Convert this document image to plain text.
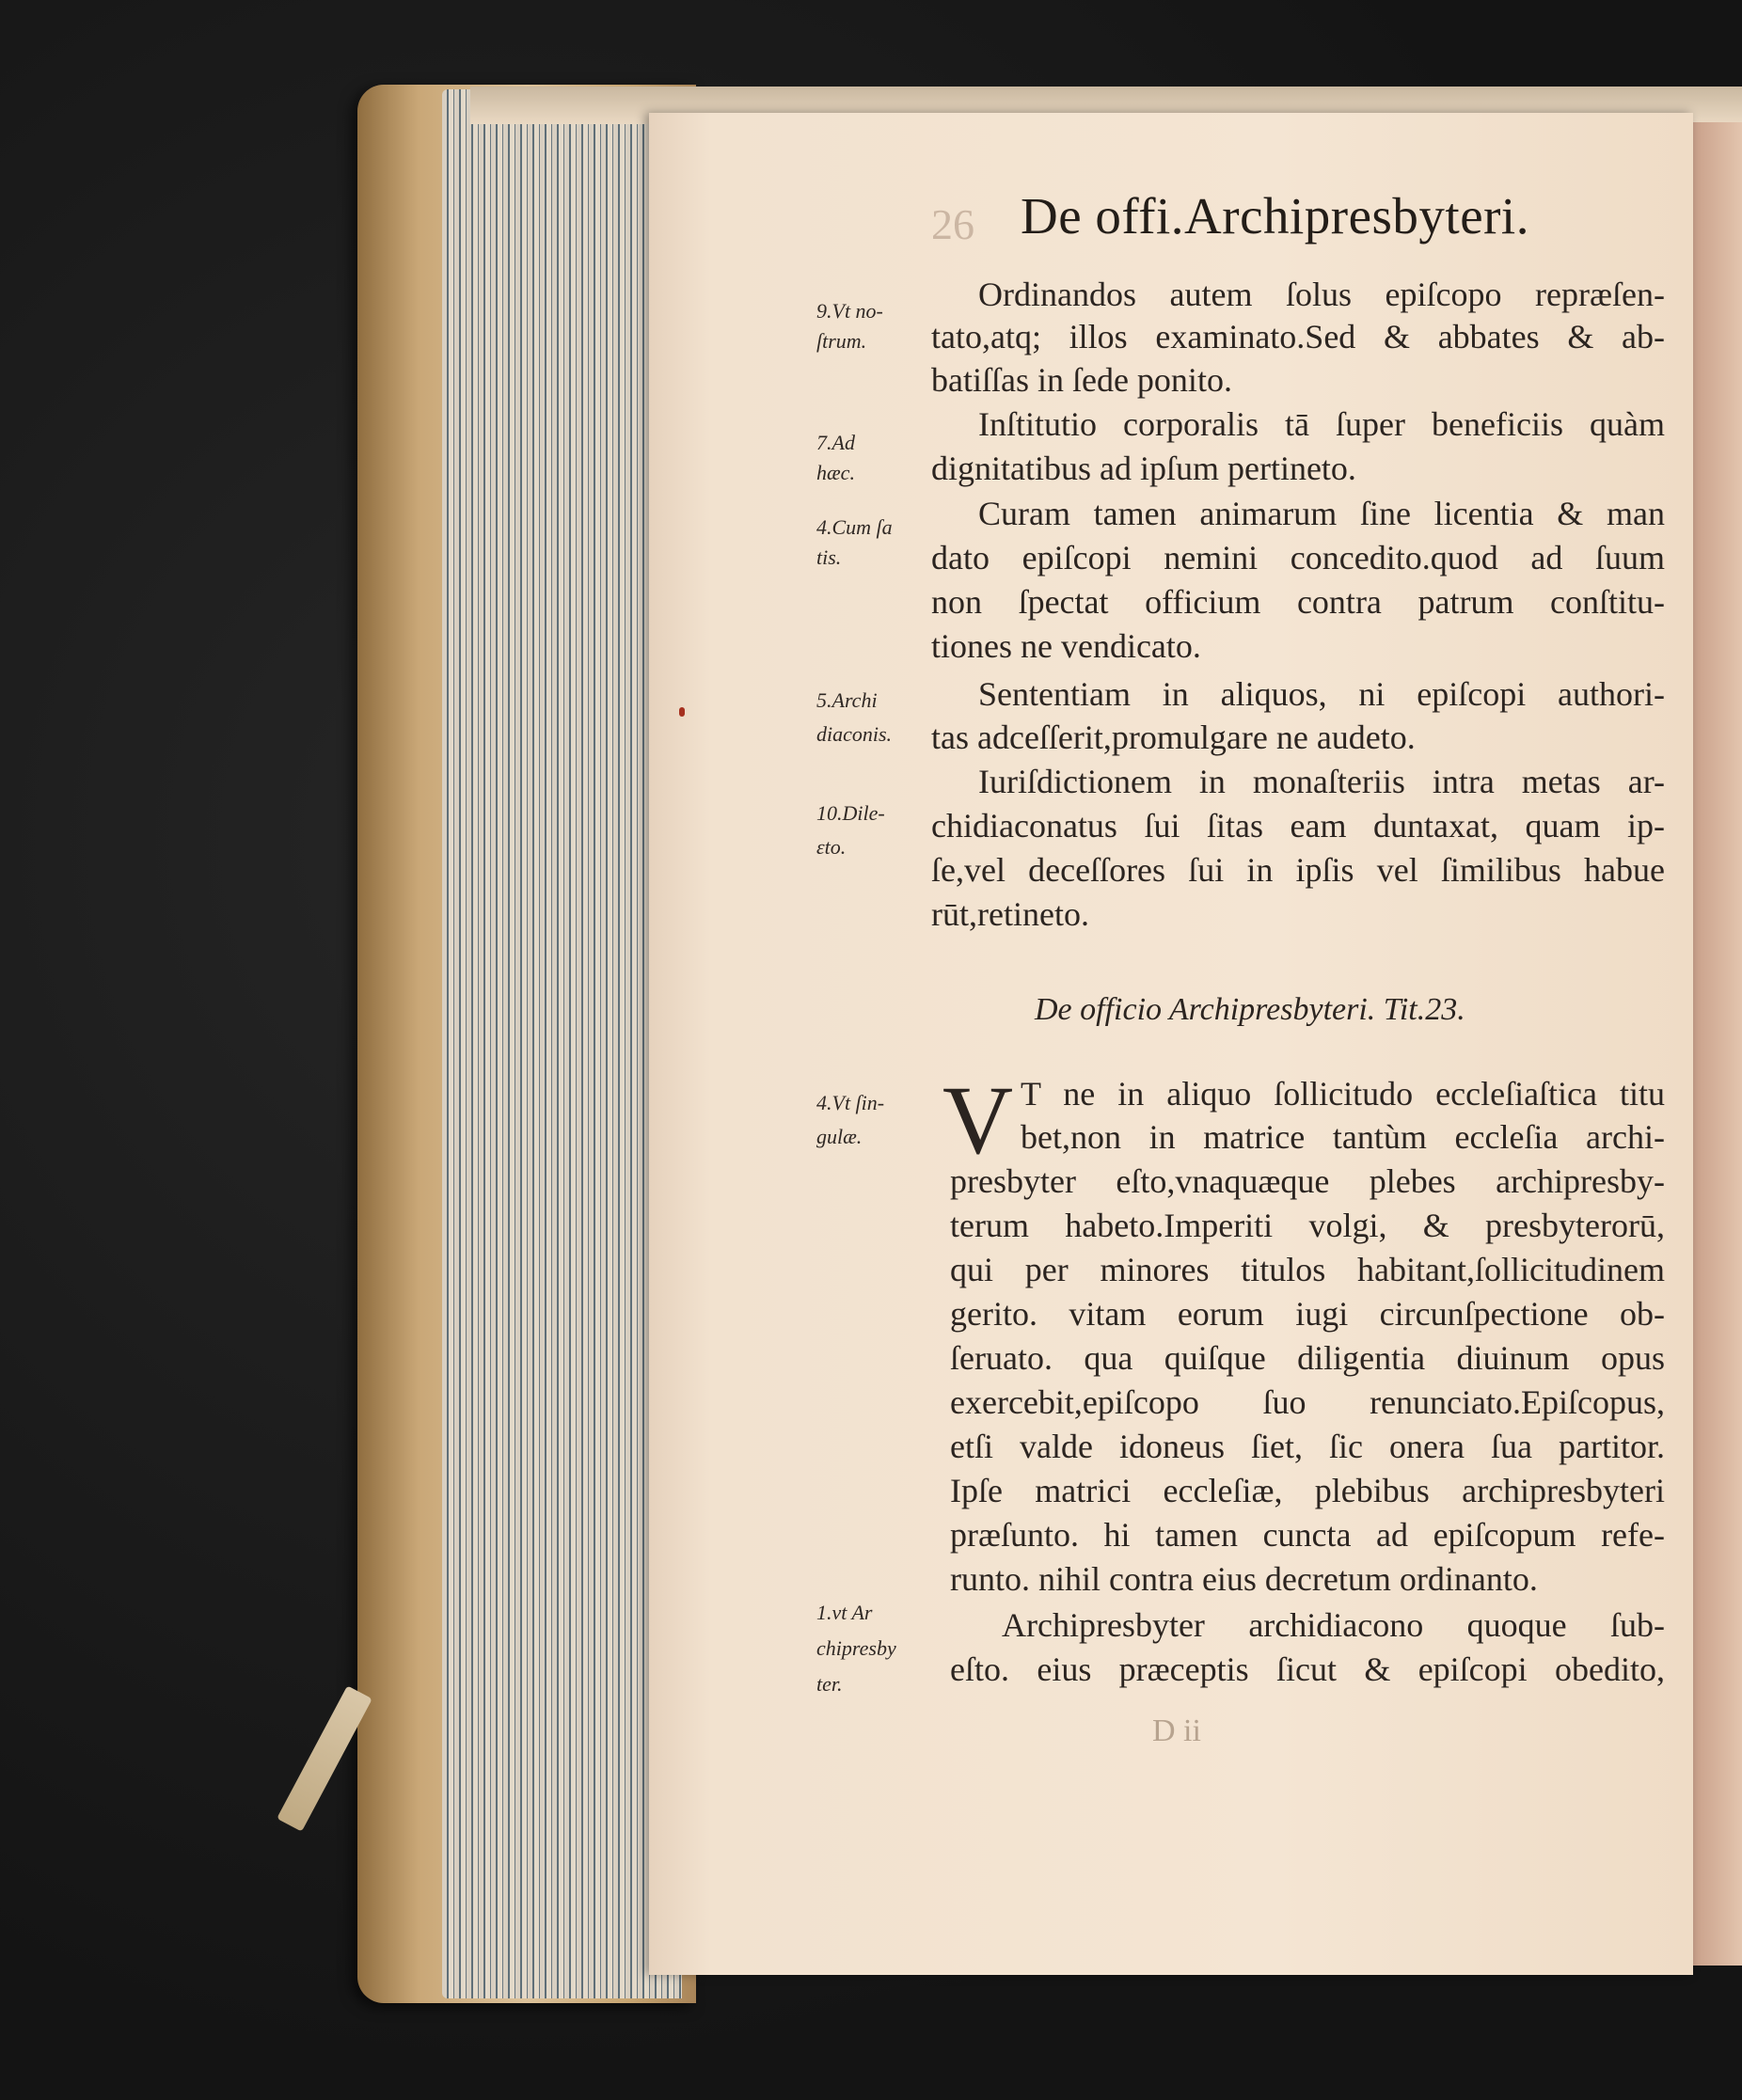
26 De offi.Archipresbyteri.
9.Vt no-
ſtrum.
7.Ad
hæc.
4.Cum ſa
tis.
5.Archi
diaconis.
10.Dile-
ɛto.
4.Vt ſin-
gulæ.
1.vt Ar
chipresby
ter.
Ordinandos autem ſolus epiſcopo repræſen-
tato,atq; illos examinato.Sed & abbates & ab-
batiſſas in ſede ponito.
Inſtitutio corporalis tā ſuper beneficiis quàm
dignitatibus ad ipſum pertineto.
Curam tamen animarum ſine licentia & man
dato epiſcopi nemini concedito.quod ad ſuum
non ſpectat officium contra patrum conſtitu-
tiones ne vendicato.
Sententiam in aliquos, ni epiſcopi authori-
tas adceſſerit,promulgare ne audeto.
Iuriſdictionem in monaſteriis intra metas ar-
chidiaconatus ſui ſitas eam duntaxat, quam ip-
ſe,vel deceſſores ſui in ipſis vel ſimilibus habue
rūt,retineto.
De officio Archipresbyteri. Tit.23.
V T ne in aliquo ſollicitudo eccleſiaſtica titu
bet,non in matrice tantùm eccleſia archi-
presbyter eſto,vnaquæque plebes archipresby-
terum habeto.Imperiti volgi, & presbyterorū,
qui per minores titulos habitant,ſollicitudinem
gerito. vitam eorum iugi circunſpectione ob-
ſeruato. qua quiſque diligentia diuinum opus
exercebit,epiſcopo ſuo renunciato.Epiſcopus,
etſi valde idoneus ſiet, ſic onera ſua partitor.
Ipſe matrici eccleſiæ, plebibus archipresbyteri
præſunto. hi tamen cuncta ad epiſcopum refe-
runto. nihil contra eius decretum ordinanto.
Archipresbyter archidiacono quoque ſub-
eſto. eius præceptis ſicut & epiſcopi obedito,
D ii
